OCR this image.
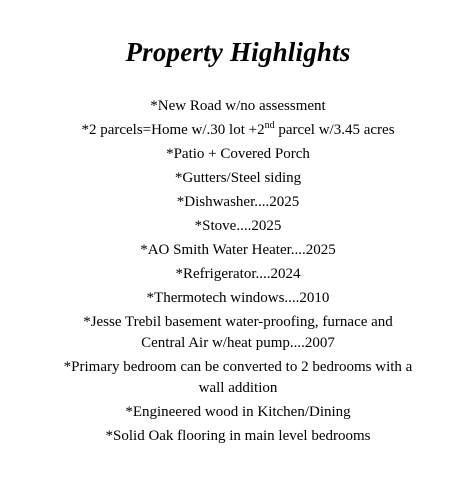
Property Highlights
*New Road w/no assessment
*2 parcels=Home w/.30 lot +2nd parcel w/3.45 acres
*Patio + Covered Porch
*Gutters/Steel siding
*Dishwasher....2025
*Stove....2025
*AO Smith Water Heater....2025
*Refrigerator....2024
*Thermotech windows....2010
*Jesse Trebil basement water-proofing, furnace and
Central Air w/heat pump....2007
*Primary bedroom can be converted to 2 bedrooms with a
wall addition
*Engineered wood in Kitchen/Dining
*Solid Oak flooring in main level bedrooms
